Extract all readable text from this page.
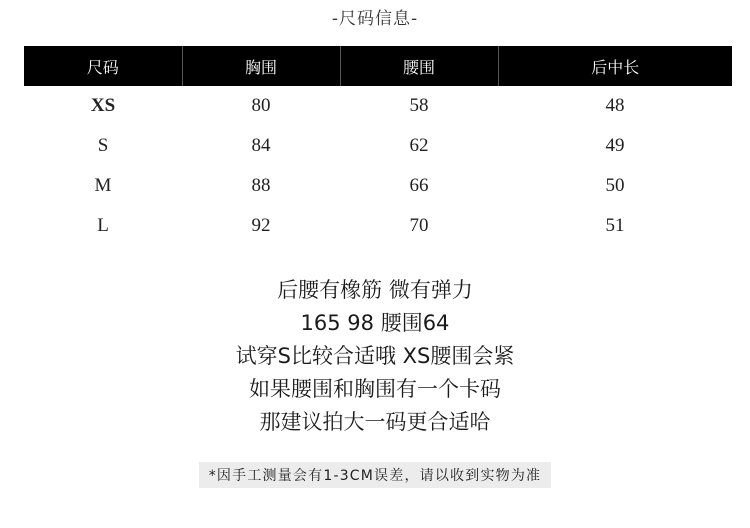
-尺码信息-
尺码	胸围	腰围	后中长
XS	80	58	48
S	84	62	49
M	88	66	50
L	92	70	51
后腰有橡筋 微有弹力
165 98 腰围64
试穿S比较合适哦 XS腰围会紧
如果腰围和胸围有一个卡码
那建议拍大一码更合适哈
*因手工测量会有1-3CM误差，请以收到实物为准
